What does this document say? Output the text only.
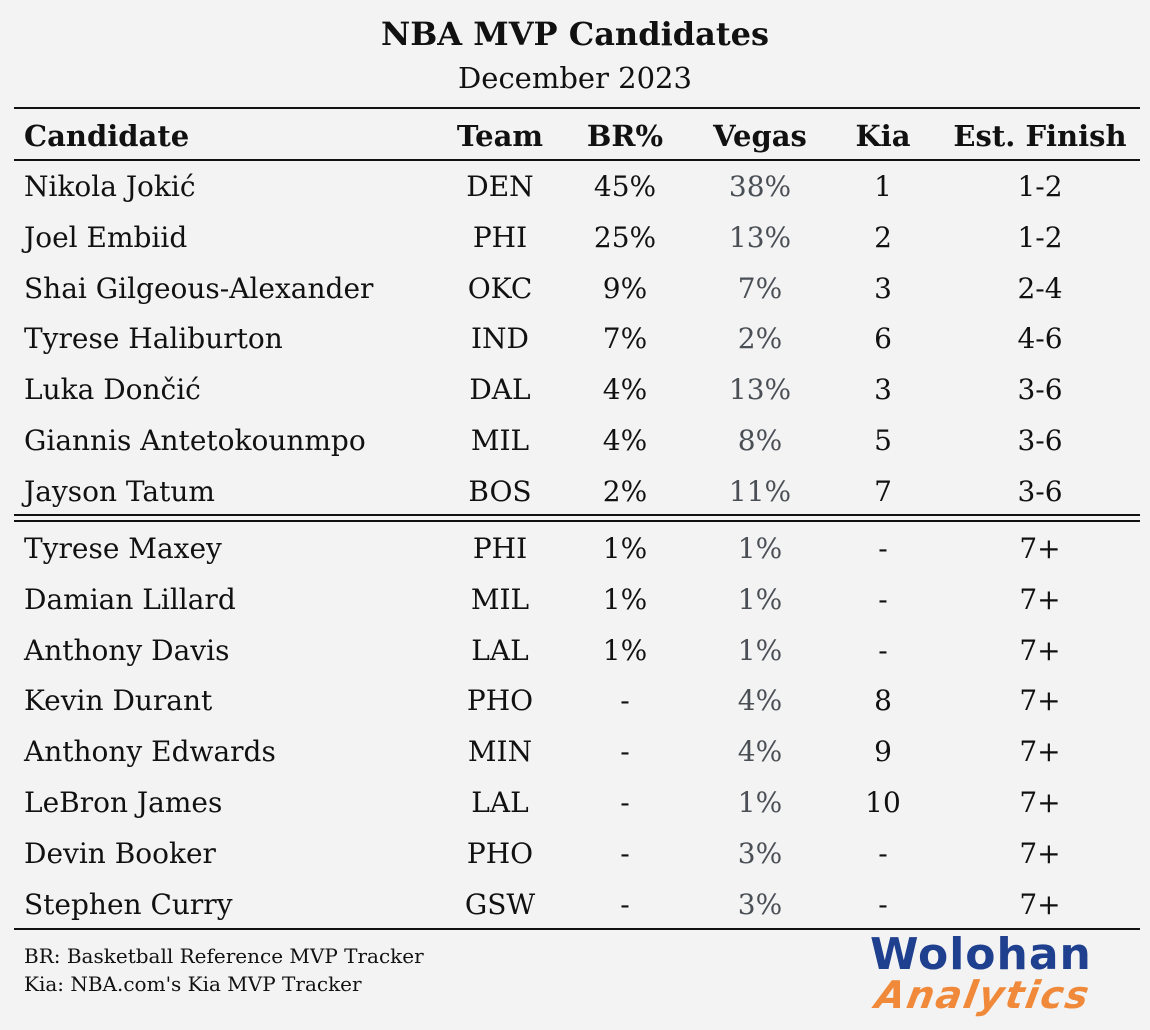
NBA MVP Candidates
December 2023
Candidate	Team	BR%	Vegas	Kia	Est. Finish
Nikola Jokić	DEN	45%	38%	1	1-2
Joel Embiid	PHI	25%	13%	2	1-2
Shai Gilgeous-Alexander	OKC	9%	7%	3	2-4
Tyrese Haliburton	IND	7%	2%	6	4-6
Luka Dončić	DAL	4%	13%	3	3-6
Giannis Antetokounmpo	MIL	4%	8%	5	3-6
Jayson Tatum	BOS	2%	11%	7	3-6
Tyrese Maxey	PHI	1%	1%	-	7+
Damian Lillard	MIL	1%	1%	-	7+
Anthony Davis	LAL	1%	1%	-	7+
Kevin Durant	PHO	-	4%	8	7+
Anthony Edwards	MIN	-	4%	9	7+
LeBron James	LAL	-	1%	10	7+
Devin Booker	PHO	-	3%	-	7+
Stephen Curry	GSW	-	3%	-	7+
BR: Basketball Reference MVP Tracker
Kia: NBA.com's Kia MVP Tracker
Wolohan
Analytics
